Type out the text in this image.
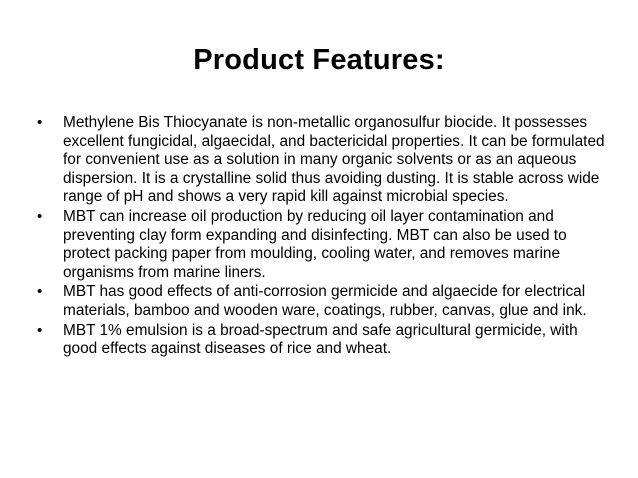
Product Features:
• Methylene Bis Thiocyanate is non-metallic organosulfur biocide. It possesses excellent fungicidal, algaecidal, and bactericidal properties. It can be formulated for convenient use as a solution in many organic solvents or as an aqueous dispersion. It is a crystalline solid thus avoiding dusting. It is stable across wide range of pH and shows a very rapid kill against microbial species.
• MBT can increase oil production by reducing oil layer contamination and preventing clay form expanding and disinfecting. MBT can also be used to protect packing paper from moulding, cooling water, and removes marine organisms from marine liners.
• MBT has good effects of anti-corrosion germicide and algaecide for electrical materials, bamboo and wooden ware, coatings, rubber, canvas, glue and ink.
• MBT 1% emulsion is a broad-spectrum and safe agricultural germicide, with good effects against diseases of rice and wheat.
